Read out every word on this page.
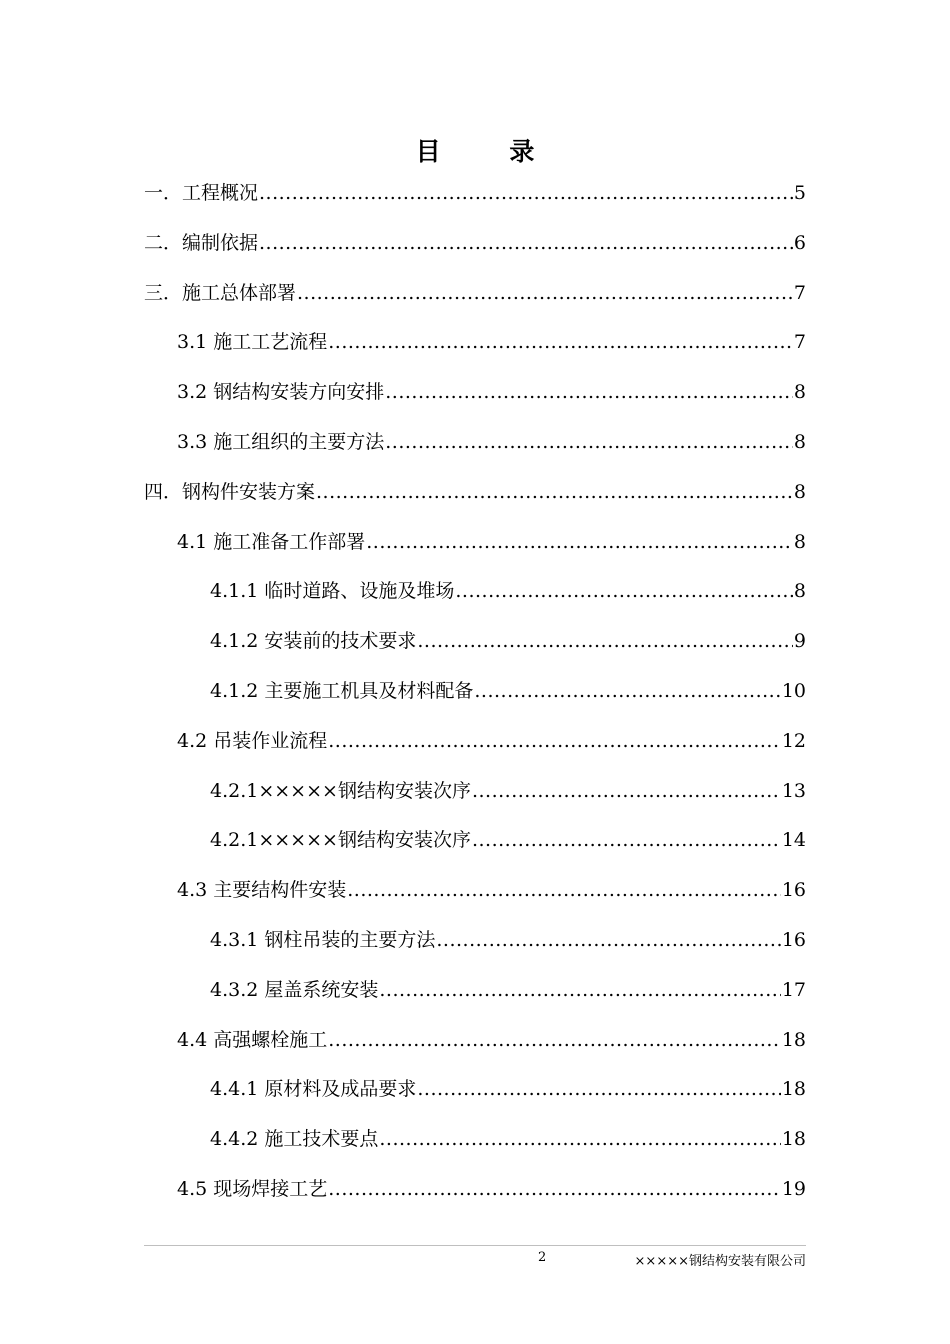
目 录
一．工程概况 .....	5
二．编制依据 .....	6
三．施工总体部署 .....	7
3.1 施工工艺流程 .....	7
3.2 钢结构安装方向安排 .....	8
3.3 施工组织的主要方法 .....	8
四．钢构件安装方案 .....	8
4.1 施工准备工作部署 .....	8
4.1.1 临时道路、设施及堆场 .....	8
4.1.2 安装前的技术要求 .....	9
4.1.2 主要施工机具及材料配备 .....	10
4.2 吊装作业流程 .....	12
4.2.1×××××钢结构安装次序 .....	13
4.2.1×××××钢结构安装次序 .....	14
4.3 主要结构件安装 .....	16
4.3.1 钢柱吊装的主要方法 .....	16
4.3.2 屋盖系统安装 .....	17
4.4 高强螺栓施工 .....	18
4.4.1 原材料及成品要求 .....	18
4.4.2 施工技术要点 .....	18
4.5 现场焊接工艺 .....	19
2	×××××钢结构安装有限公司
